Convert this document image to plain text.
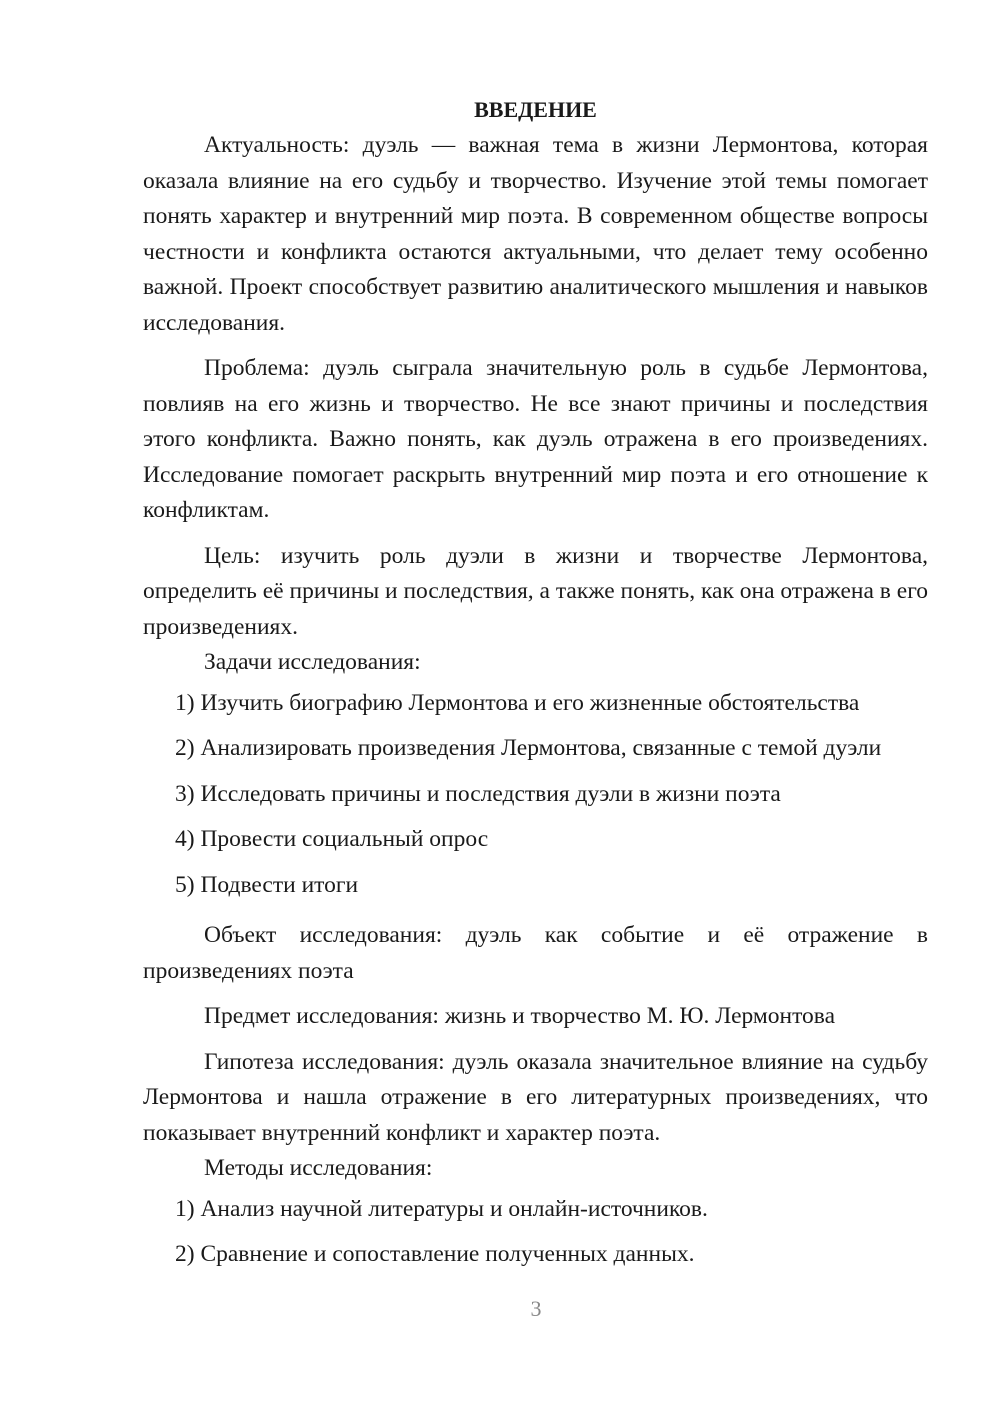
ВВЕДЕНИЕ

Актуальность: дуэль — важная тема в жизни Лермонтова, которая оказала влияние на его судьбу и творчество. Изучение этой темы помогает понять характер и внутренний мир поэта. В современном обществе вопросы честности и конфликта остаются актуальными, что делает тему особенно важной. Проект способствует развитию аналитического мышления и навыков исследования.

Проблема: дуэль сыграла значительную роль в судьбе Лермонтова, повлияв на его жизнь и творчество. Не все знают причины и последствия этого конфликта. Важно понять, как дуэль отражена в его произведениях. Исследование помогает раскрыть внутренний мир поэта и его отношение к конфликтам.

Цель: изучить роль дуэли в жизни и творчестве Лермонтова, определить её причины и последствия, а также понять, как она отражена в его произведениях.

Задачи исследования:

1) Изучить биографию Лермонтова и его жизненные обстоятельства

2) Анализировать произведения Лермонтова, связанные с темой дуэли

3) Исследовать причины и последствия дуэли в жизни поэта

4) Провести социальный опрос

5) Подвести итоги

Объект исследования: дуэль как событие и её отражение в произведениях поэта

Предмет исследования: жизнь и творчество М. Ю. Лермонтова

Гипотеза исследования: дуэль оказала значительное влияние на судьбу Лермонтова и нашла отражение в его литературных произведениях, что показывает внутренний конфликт и характер поэта.

Методы исследования:

1) Анализ научной литературы и онлайн-источников.

2) Сравнение и сопоставление полученных данных.

3
